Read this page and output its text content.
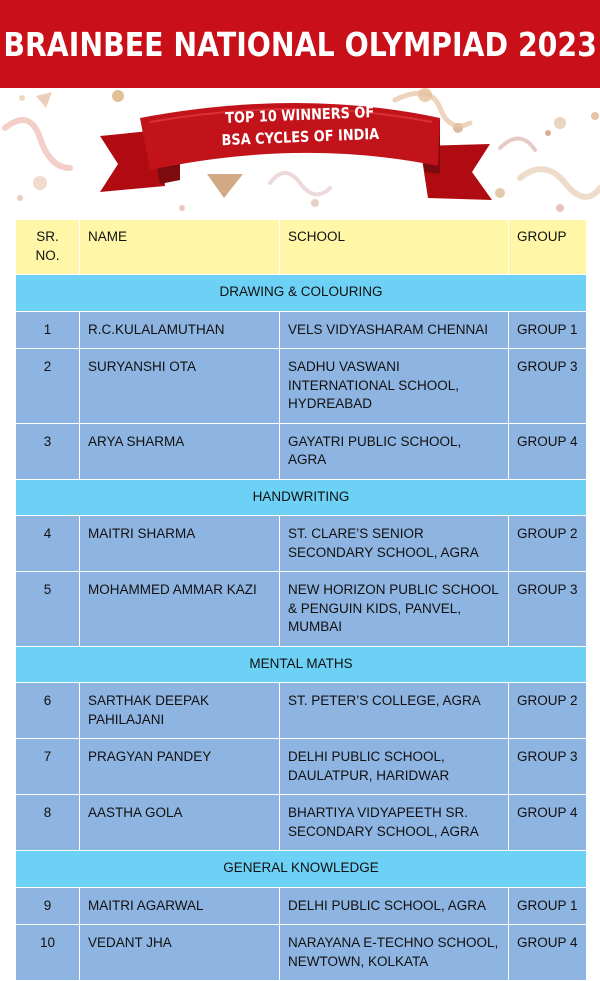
BRAINBEE NATIONAL OLYMPIAD 2023
TOP 10 WINNERS OF
BSA CYCLES OF INDIA
SR. NO.	NAME	SCHOOL	GROUP
DRAWING & COLOURING			
1	R.C.KULALAMUTHAN	VELS VIDYASHARAM CHENNAI	GROUP 1
2	SURYANSHI OTA	SADHU VASWANI INTERNATIONAL SCHOOL, HYDREABAD	GROUP 3
3	ARYA SHARMA	GAYATRI PUBLIC SCHOOL, AGRA	GROUP 4
HANDWRITING			
4	MAITRI SHARMA	ST. CLARE’S SENIOR SECONDARY SCHOOL, AGRA	GROUP 2
5	MOHAMMED AMMAR KAZI	NEW HORIZON PUBLIC SCHOOL & PENGUIN KIDS, PANVEL, MUMBAI	GROUP 3
MENTAL MATHS			
6	SARTHAK DEEPAK PAHILAJANI	ST. PETER’S COLLEGE, AGRA	GROUP 2
7	PRAGYAN PANDEY	DELHI PUBLIC SCHOOL, DAULATPUR, HARIDWAR	GROUP 3
8	AASTHA GOLA	BHARTIYA VIDYAPEETH SR. SECONDARY SCHOOL, AGRA	GROUP 4
GENERAL KNOWLEDGE			
9	MAITRI AGARWAL	DELHI PUBLIC SCHOOL, AGRA	GROUP 1
10	VEDANT JHA	NARAYANA E-TECHNO SCHOOL, NEWTOWN, KOLKATA	GROUP 4
